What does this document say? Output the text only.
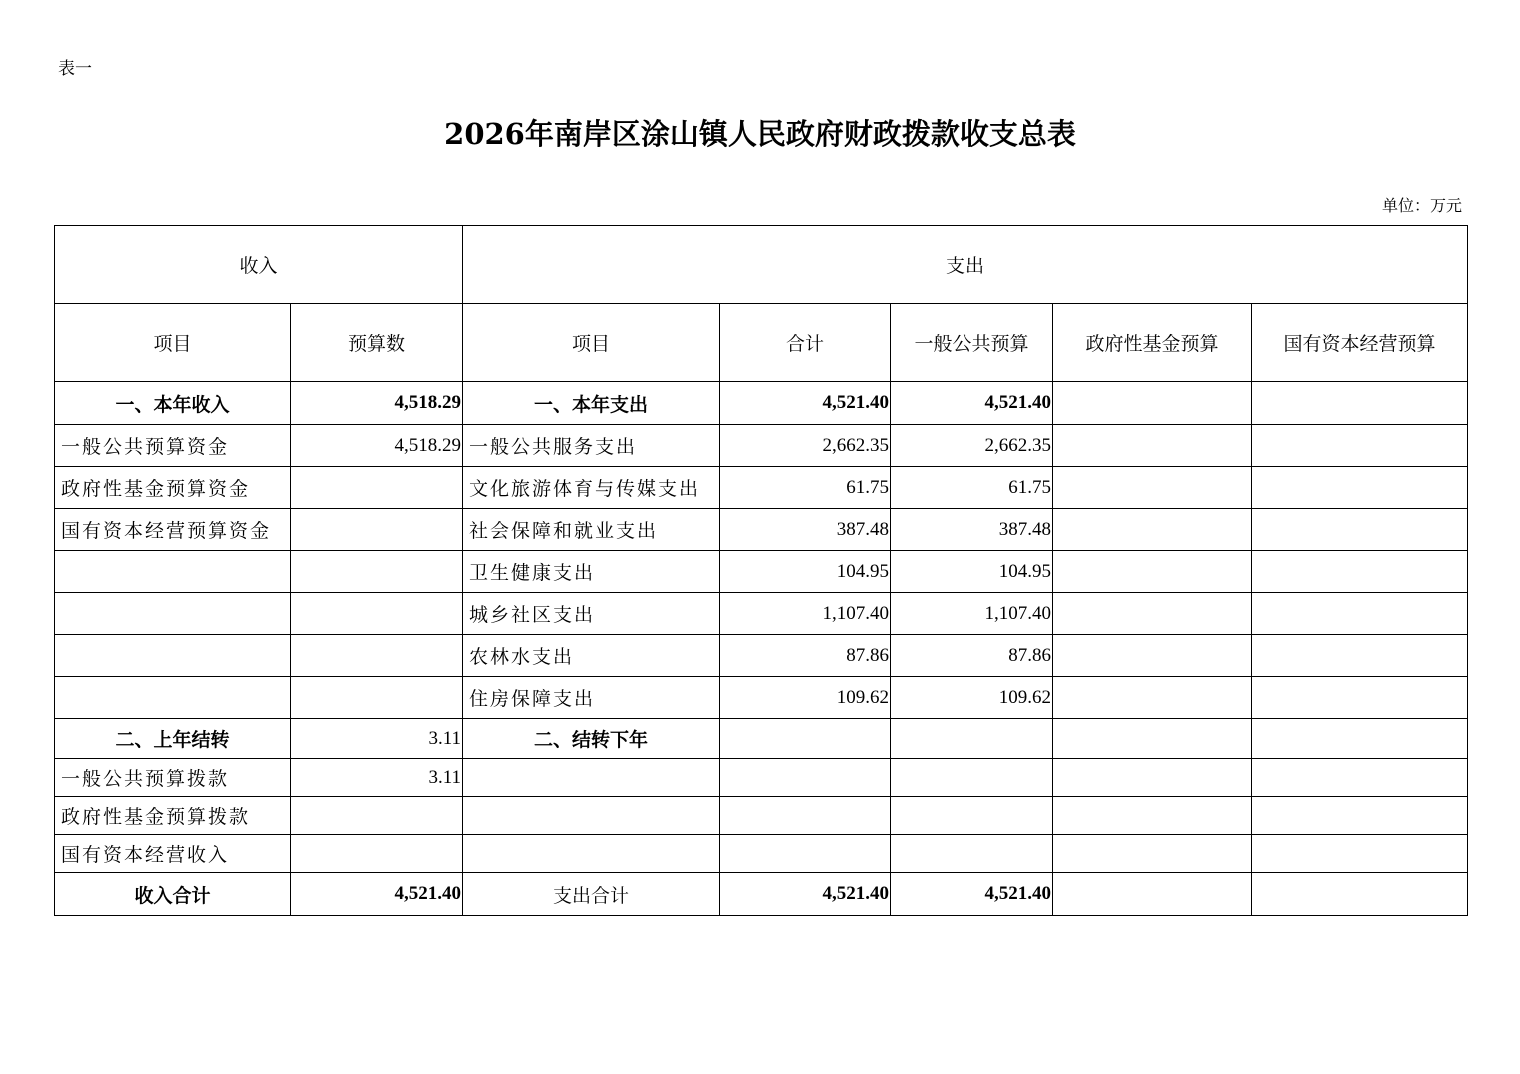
表一
2026年南岸区涂山镇人民政府财政拨款收支总表
单位：万元
收入		支出				
项目	预算数	项目	合计	一般公共预算	政府性基金预算	国有资本经营预算
一、本年收入	4,518.29	一、本年支出	4,521.40	4,521.40		
一般公共预算资金	4,518.29	一般公共服务支出	2,662.35	2,662.35		
政府性基金预算资金		文化旅游体育与传媒支出	61.75	61.75		
国有资本经营预算资金		社会保障和就业支出	387.48	387.48		
		卫生健康支出	104.95	104.95		
		城乡社区支出	1,107.40	1,107.40		
		农林水支出	87.86	87.86		
		住房保障支出	109.62	109.62		
二、上年结转	3.11	二、结转下年				
一般公共预算拨款	3.11					
政府性基金预算拨款						
国有资本经营收入						
收入合计	4,521.40	支出合计	4,521.40	4,521.40		
